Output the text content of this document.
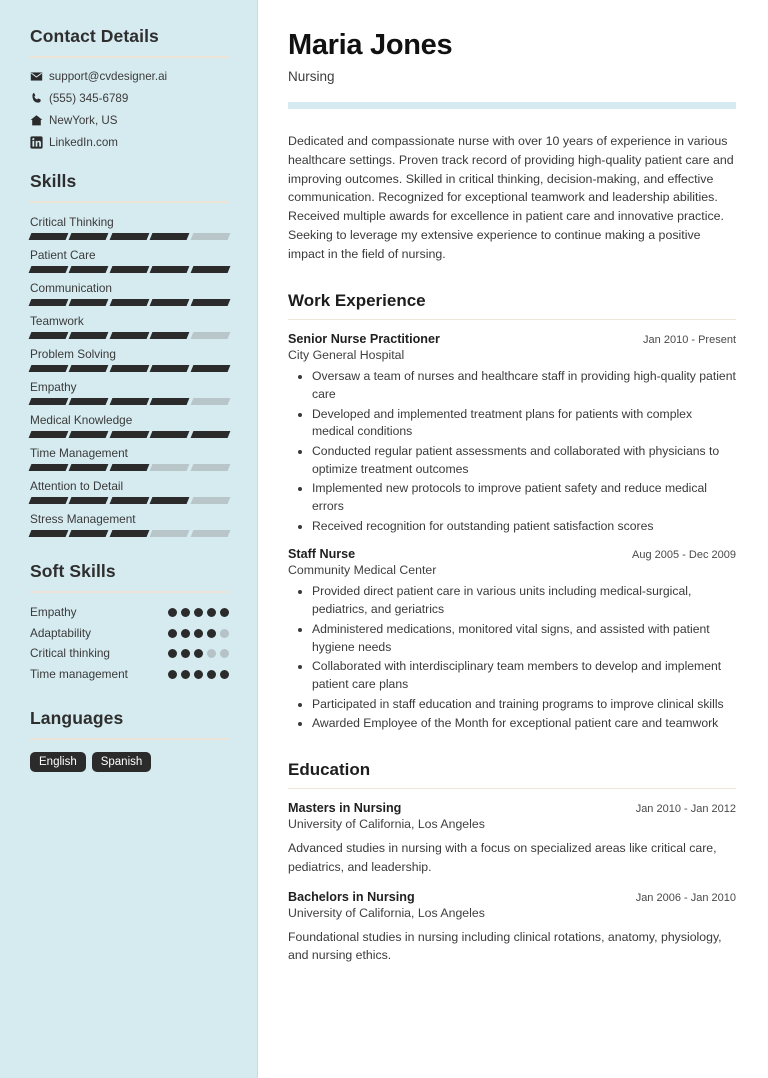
Contact Details
support@cvdesigner.ai
(555) 345-6789
NewYork, US
LinkedIn.com
Skills
Critical Thinking
Patient Care
Communication
Teamwork
Problem Solving
Empathy
Medical Knowledge
Time Management
Attention to Detail
Stress Management
Soft Skills
Empathy
Adaptability
Critical thinking
Time management
Languages
English	Spanish
Maria Jones
Nursing

Dedicated and compassionate nurse with over 10 years of experience in various healthcare settings. Proven track record of providing high-quality patient care and improving outcomes. Skilled in critical thinking, decision-making, and effective communication. Recognized for exceptional teamwork and leadership abilities. Received multiple awards for excellence in patient care and innovative practice. Seeking to leverage my extensive experience to continue making a positive impact in the field of nursing.

Work Experience
Senior Nurse Practitioner	Jan 2010 - Present
City General Hospital
• Oversaw a team of nurses and healthcare staff in providing high-quality patient care
• Developed and implemented treatment plans for patients with complex medical conditions
• Conducted regular patient assessments and collaborated with physicians to optimize treatment outcomes
• Implemented new protocols to improve patient safety and reduce medical errors
• Received recognition for outstanding patient satisfaction scores
Staff Nurse	Aug 2005 - Dec 2009
Community Medical Center
• Provided direct patient care in various units including medical-surgical, pediatrics, and geriatrics
• Administered medications, monitored vital signs, and assisted with patient hygiene needs
• Collaborated with interdisciplinary team members to develop and implement patient care plans
• Participated in staff education and training programs to improve clinical skills
• Awarded Employee of the Month for exceptional patient care and teamwork
Education
Masters in Nursing	Jan 2010 - Jan 2012
University of California, Los Angeles
Advanced studies in nursing with a focus on specialized areas like critical care, pediatrics, and leadership.
Bachelors in Nursing	Jan 2006 - Jan 2010
University of California, Los Angeles
Foundational studies in nursing including clinical rotations, anatomy, physiology, and nursing ethics.
